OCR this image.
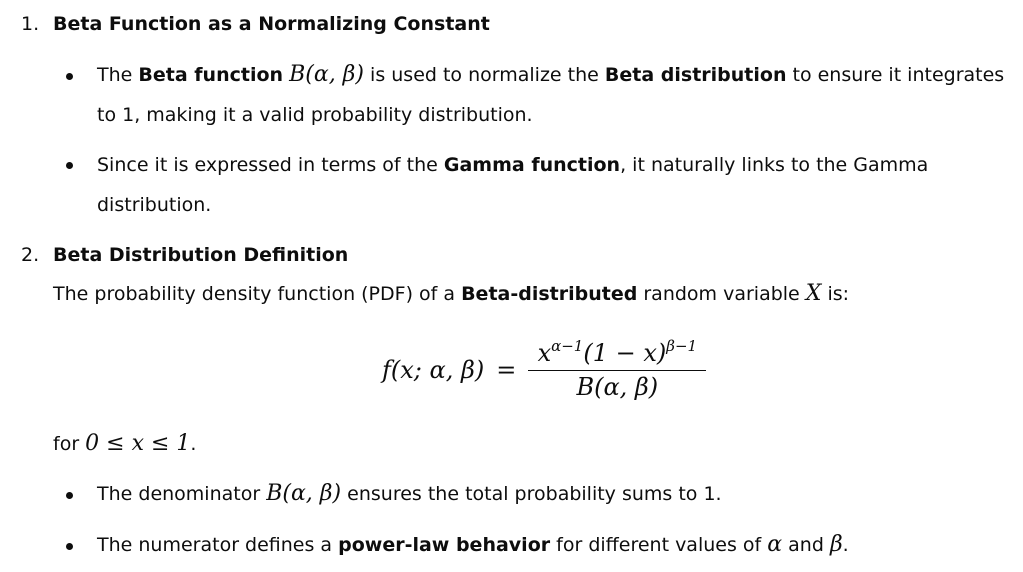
1. Beta Function as a Normalizing Constant
The Beta function B(α, β) is used to normalize the Beta distribution to ensure it integrates
to 1, making it a valid probability distribution.
Since it is expressed in terms of the Gamma function, it naturally links to the Gamma
distribution.
2. Beta Distribution Definition
The probability density function (PDF) of a Beta-distributed random variable X is:
f(x; α, $\beta) = \frac{x^{\alpha-1}(1 - x)^{\beta-1}}{B(\alpha, \beta)}$
for 0 ≤ x ≤ 1.
The denominator B(α, β) ensures the total probability sums to 1.
The numerator defines a power-law behavior for different values of α and β.
